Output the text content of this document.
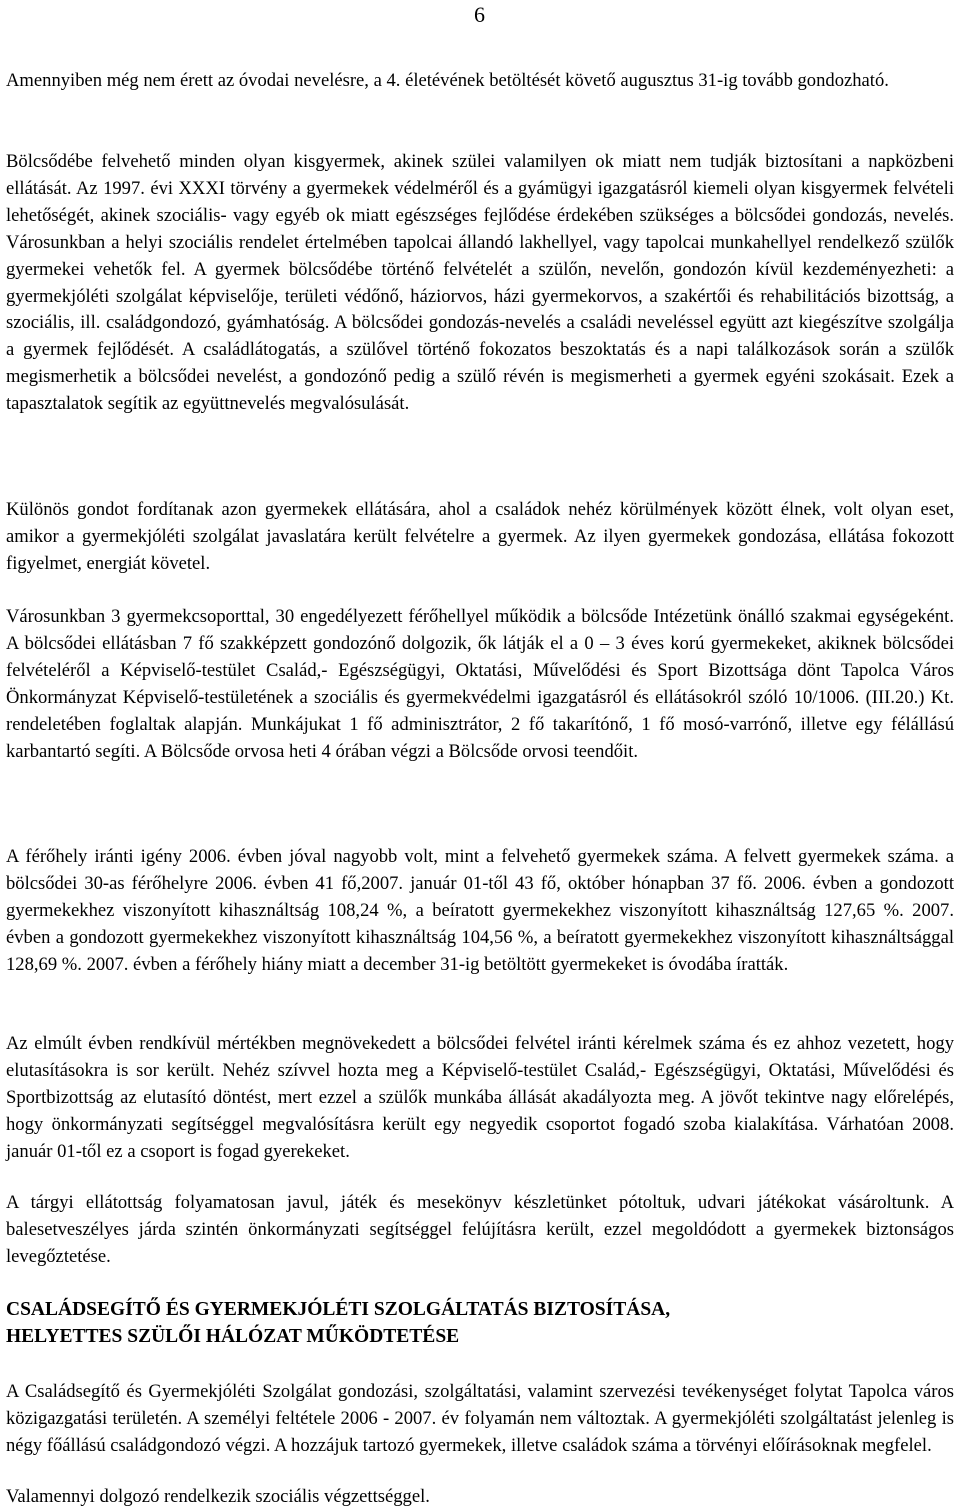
6

Amennyiben még nem érett az óvodai nevelésre, a 4. életévének betöltését követő augusztus 31-ig tovább gondozható.

Bölcsődébe felvehető minden olyan kisgyermek, akinek szülei valamilyen ok miatt nem tudják biztosítani a napközbeni ellátását. Az 1997. évi XXXI törvény a gyermekek védelméről és a gyámügyi igazgatásról kiemeli olyan kisgyermek felvételi lehetőségét, akinek szociális- vagy egyéb ok miatt egészséges fejlődése érdekében szükséges a bölcsődei gondozás, nevelés. Városunkban a helyi szociális rendelet értelmében tapolcai állandó lakhellyel, vagy tapolcai munkahellyel rendelkező szülők gyermekei vehetők fel. A gyermek bölcsődébe történő felvételét a szülőn, nevelőn, gondozón kívül kezdeményezheti: a gyermekjóléti szolgálat képviselője, területi védőnő, háziorvos, házi gyermekorvos, a szakértői és rehabilitációs bizottság, a szociális, ill. családgondozó, gyámhatóság. A bölcsődei gondozás-nevelés a családi neveléssel együtt azt kiegészítve szolgálja a gyermek fejlődését. A családlátogatás, a szülővel történő fokozatos beszoktatás és a napi találkozások során a szülők megismerhetik a bölcsődei nevelést, a gondozónő pedig a szülő révén is megismerheti a gyermek egyéni szokásait. Ezek a tapasztalatok segítik az együttnevelés megvalósulását.

Különös gondot fordítanak azon gyermekek ellátására, ahol a családok nehéz körülmények között élnek, volt olyan eset, amikor a gyermekjóléti szolgálat javaslatára került felvételre a gyermek. Az ilyen gyermekek gondozása, ellátása fokozott figyelmet, energiát követel.

Városunkban 3 gyermekcsoporttal, 30 engedélyezett férőhellyel működik a bölcsőde Intézetünk önálló szakmai egységeként. A bölcsődei ellátásban 7 fő szakképzett gondozónő dolgozik, ők látják el a 0 – 3 éves korú gyermekeket, akiknek bölcsődei felvételéről a Képviselő-testület Család,- Egészségügyi, Oktatási, Művelődési és Sport Bizottsága dönt Tapolca Város Önkormányzat Képviselő-testületének a szociális és gyermekvédelmi igazgatásról és ellátásokról szóló 10/1006. (III.20.) Kt. rendeletében foglaltak alapján. Munkájukat 1 fő adminisztrátor, 2 fő takarítónő, 1 fő mosó-varrónő, illetve egy félállású karbantartó segíti. A Bölcsőde orvosa heti 4 órában végzi a Bölcsőde orvosi teendőit.

A férőhely iránti igény 2006. évben jóval nagyobb volt, mint a felvehető gyermekek száma. A felvett gyermekek száma. a bölcsődei 30-as férőhelyre 2006. évben 41 fő,2007. január 01-től 43 fő, október hónapban 37 fő. 2006. évben a gondozott gyermekekhez viszonyított kihasználtság 108,24 %, a beíratott gyermekekhez viszonyított kihasználtság 127,65 %. 2007. évben a gondozott gyermekekhez viszonyított kihasználtság 104,56 %, a beíratott gyermekekhez viszonyított kihasználtsággal 128,69 %. 2007. évben a férőhely hiány miatt a december 31-ig betöltött gyermekeket is óvodába íratták.

Az elmúlt évben rendkívül mértékben megnövekedett a bölcsődei felvétel iránti kérelmek száma és ez ahhoz vezetett, hogy elutasításokra is sor került. Nehéz szívvel hozta meg a Képviselő-testület Család,- Egészségügyi, Oktatási, Művelődési és Sportbizottság az elutasító döntést, mert ezzel a szülők munkába állását akadályozta meg. A jövőt tekintve nagy előrelépés, hogy önkormányzati segítséggel megvalósításra került egy negyedik csoportot fogadó szoba kialakítása. Várhatóan 2008. január 01-től ez a csoport is fogad gyerekeket.

A tárgyi ellátottság folyamatosan javul, játék és mesekönyv készletünket pótoltuk, udvari játékokat vásároltunk. A balesetveszélyes járda szintén önkormányzati segítséggel felújításra került, ezzel megoldódott a gyermekek biztonságos levegőztetése.

CSALÁDSEGÍTŐ ÉS GYERMEKJÓLÉTI SZOLGÁLTATÁS BIZTOSÍTÁSA,
HELYETTES SZÜLŐI HÁLÓZAT MŰKÖDTETÉSE

A Családsegítő és Gyermekjóléti Szolgálat gondozási, szolgáltatási, valamint szervezési tevékenységet folytat Tapolca város közigazgatási területén. A személyi feltétele 2006 - 2007. év folyamán nem változtak. A gyermekjóléti szolgáltatást jelenleg is négy főállású családgondozó végzi. A hozzájuk tartozó gyermekek, illetve családok száma a törvényi előírásoknak megfelel.

Valamennyi dolgozó rendelkezik szociális végzettséggel.
